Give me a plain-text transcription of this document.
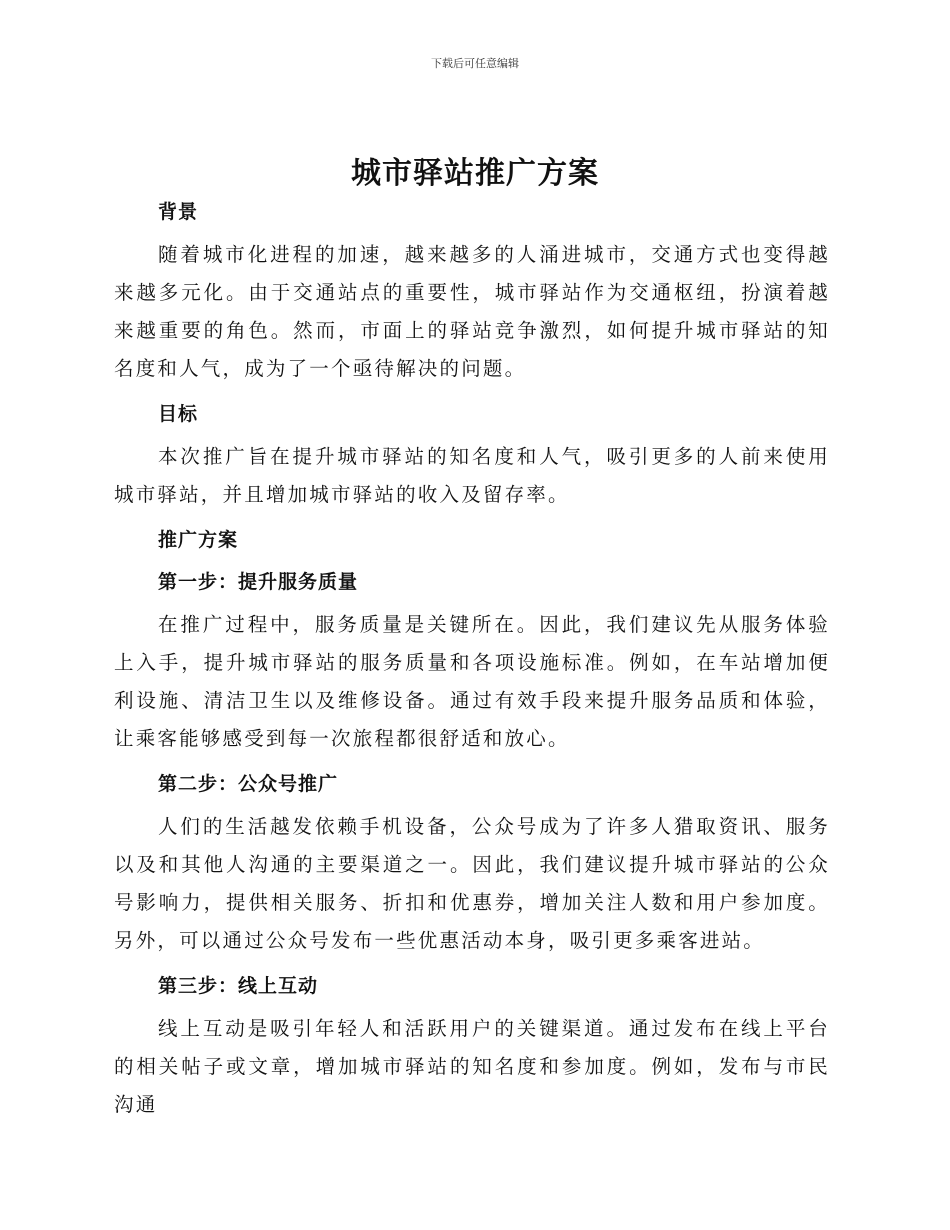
下载后可任意编辑
城市驿站推广方案

背景

随着城市化进程的加速，越来越多的人涌进城市，交通方式也变得越来越多元化。由于交通站点的重要性，城市驿站作为交通枢纽，扮演着越来越重要的角色。然而，市面上的驿站竞争激烈，如何提升城市驿站的知名度和人气，成为了一个亟待解决的问题。

目标

本次推广旨在提升城市驿站的知名度和人气，吸引更多的人前来使用城市驿站，并且增加城市驿站的收入及留存率。

推广方案

第一步：提升服务质量

在推广过程中，服务质量是关键所在。因此，我们建议先从服务体验上入手，提升城市驿站的服务质量和各项设施标准。例如，在车站增加便利设施、清洁卫生以及维修设备。通过有效手段来提升服务品质和体验，让乘客能够感受到每一次旅程都很舒适和放心。

第二步：公众号推广

人们的生活越发依赖手机设备，公众号成为了许多人猎取资讯、服务以及和其他人沟通的主要渠道之一。因此，我们建议提升城市驿站的公众号影响力，提供相关服务、折扣和优惠券，增加关注人数和用户参加度。另外，可以通过公众号发布一些优惠活动本身，吸引更多乘客进站。

第三步：线上互动

线上互动是吸引年轻人和活跃用户的关键渠道。通过发布在线上平台的相关帖子或文章，增加城市驿站的知名度和参加度。例如，发布与市民沟通
